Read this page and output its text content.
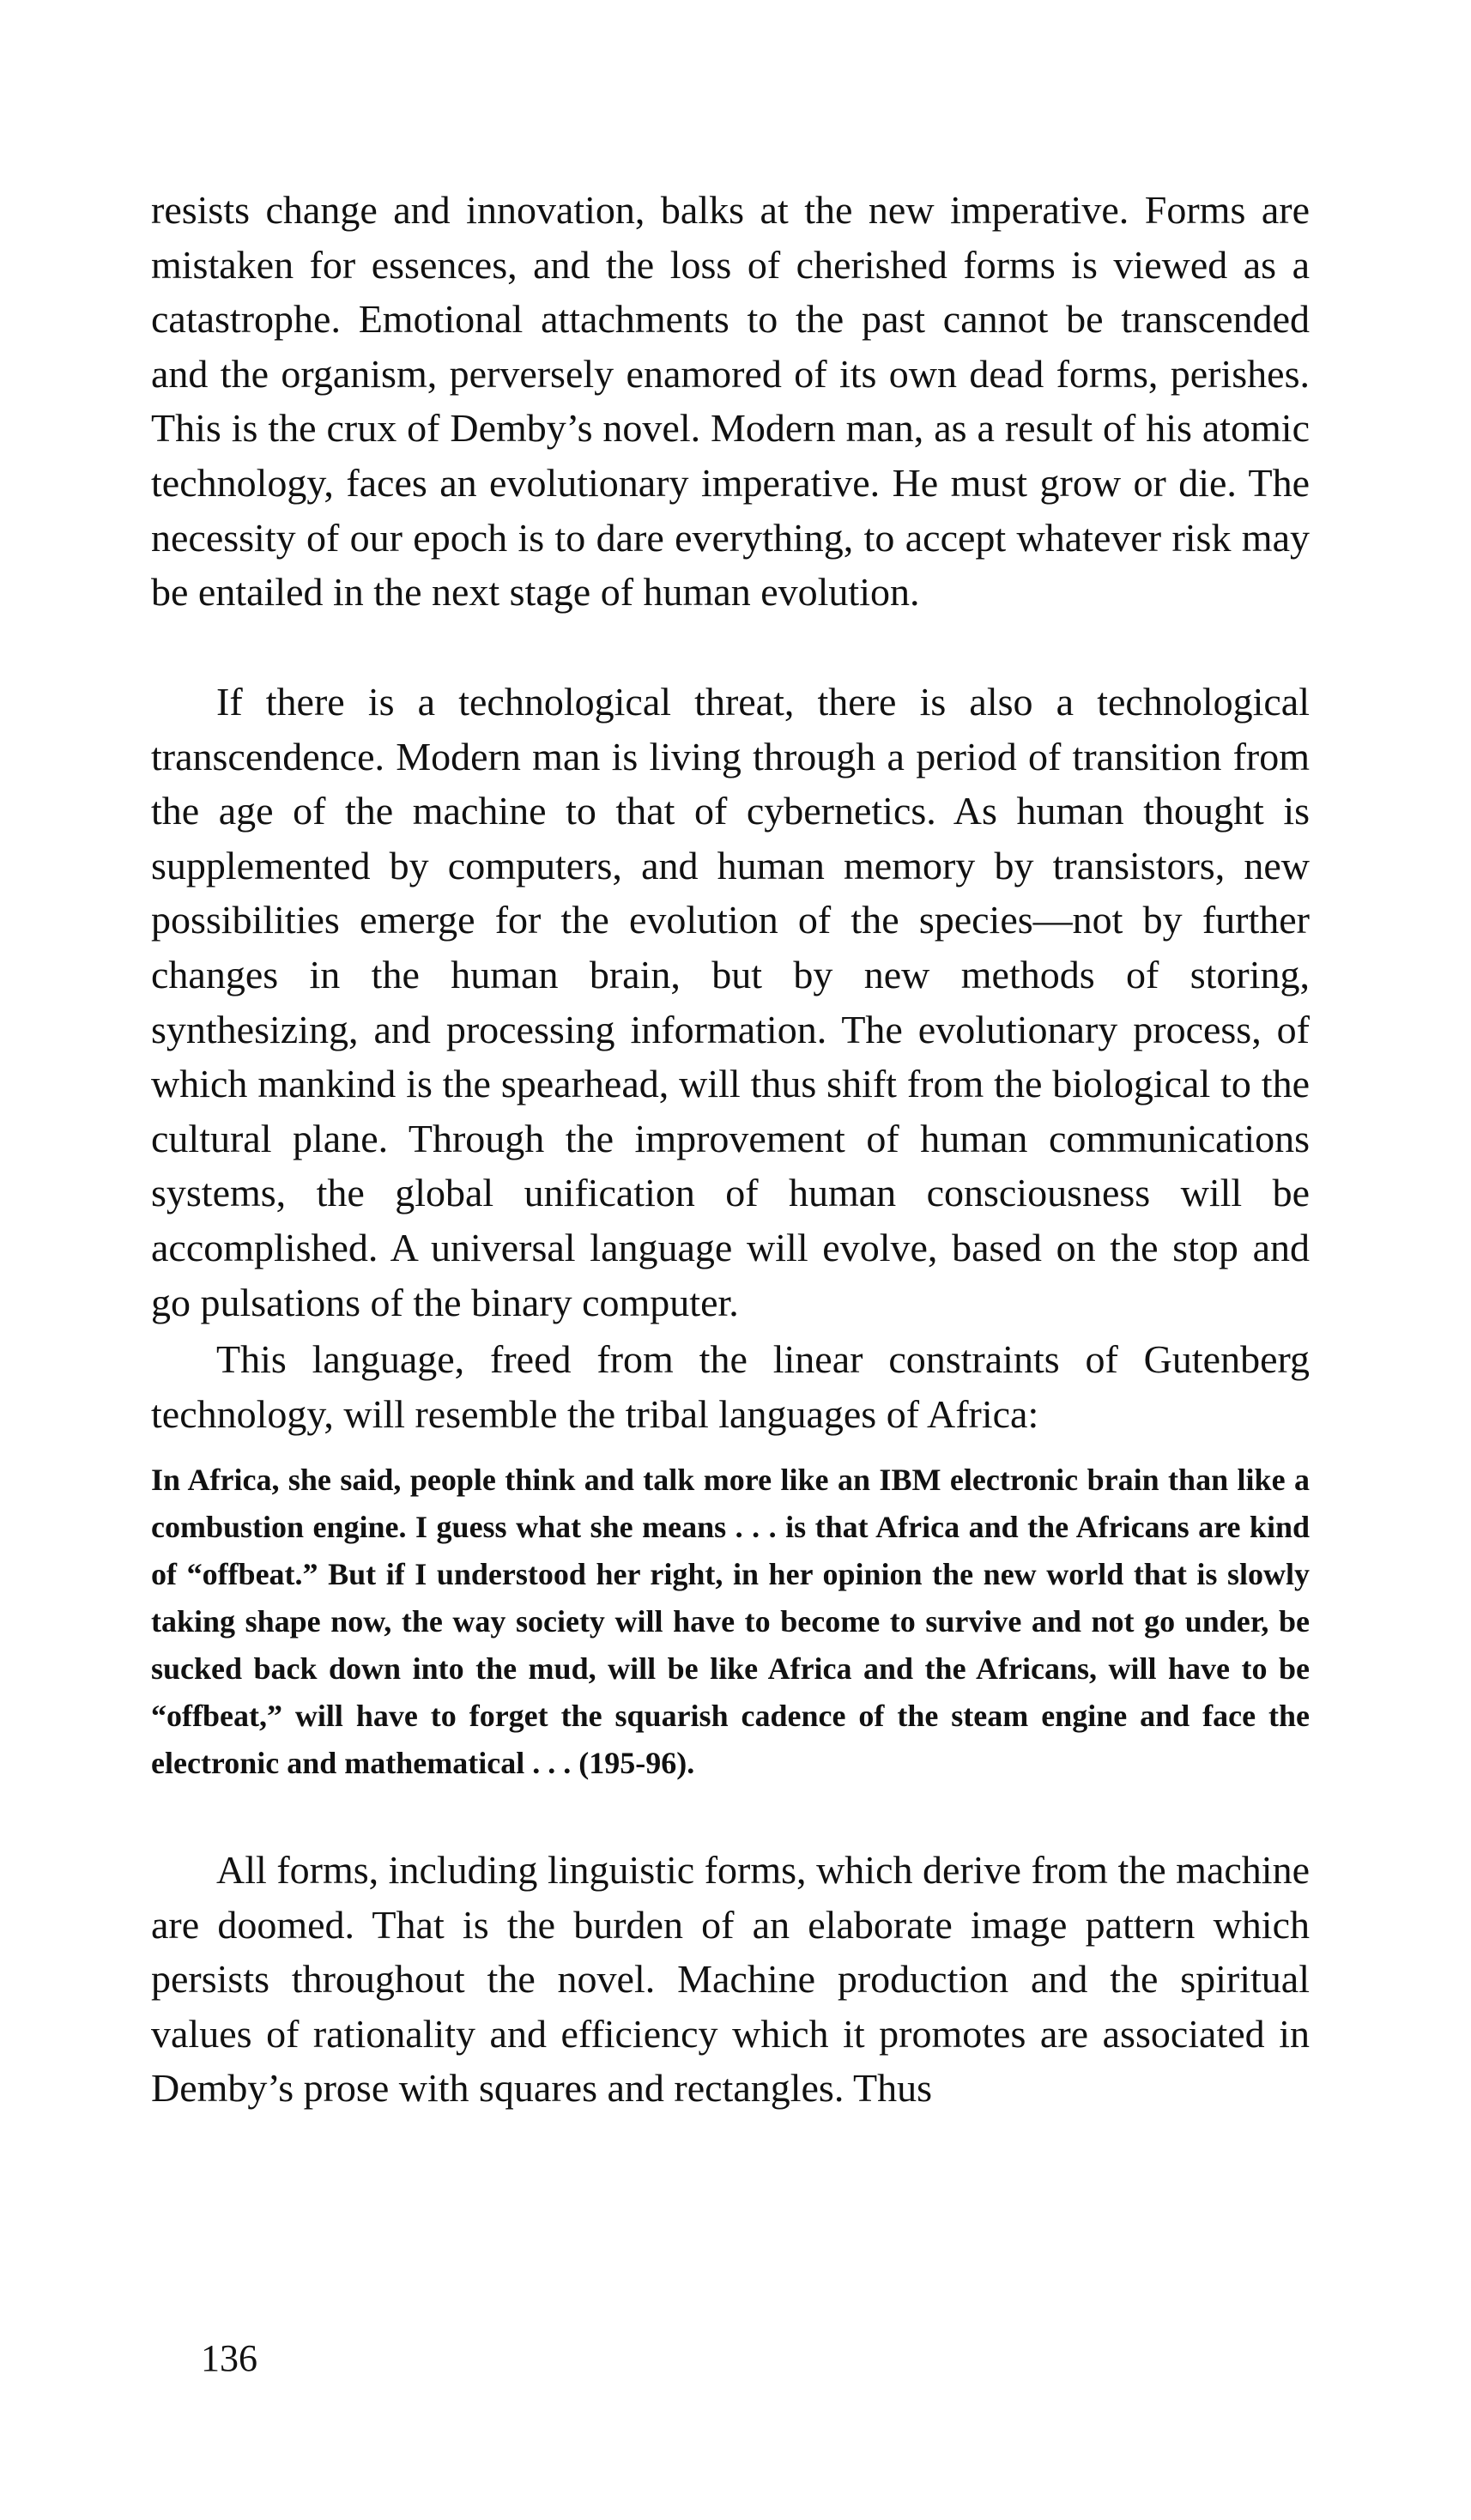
resists change and innovation, balks at the new imperative. Forms are mistaken for essences, and the loss of cherished forms is viewed as a catastrophe. Emotional attachments to the past cannot be transcended and the organism, perversely enamored of its own dead forms, perishes. This is the crux of Demby’s novel. Modern man, as a result of his atomic technology, faces an evolutionary imperative. He must grow or die. The necessity of our epoch is to dare everything, to accept whatever risk may be entailed in the next stage of human evolution.

If there is a technological threat, there is also a technological transcendence. Modern man is living through a period of transition from the age of the machine to that of cybernetics. As human thought is supplemented by computers, and human memory by transistors, new possibilities emerge for the evolution of the species—not by further changes in the human brain, but by new methods of storing, synthesizing, and processing information. The evolutionary process, of which mankind is the spearhead, will thus shift from the biological to the cultural plane. Through the improvement of human communications systems, the global unification of human consciousness will be accomplished. A universal language will evolve, based on the stop and go pulsations of the binary computer.

This language, freed from the linear constraints of Gutenberg technology, will resemble the tribal languages of Africa:

In Africa, she said, people think and talk more like an IBM electronic brain than like a combustion engine. I guess what she means . . . is that Africa and the Africans are kind of “offbeat.” But if I understood her right, in her opinion the new world that is slowly taking shape now, the way society will have to become to survive and not go under, be sucked back down into the mud, will be like Africa and the Africans, will have to be “offbeat,” will have to forget the squarish cadence of the steam engine and face the electronic and mathematical . . . (195-96).

All forms, including linguistic forms, which derive from the machine are doomed. That is the burden of an elaborate image pattern which persists throughout the novel. Machine production and the spiritual values of rationality and efficiency which it promotes are associated in Demby’s prose with squares and rectangles. Thus

136
